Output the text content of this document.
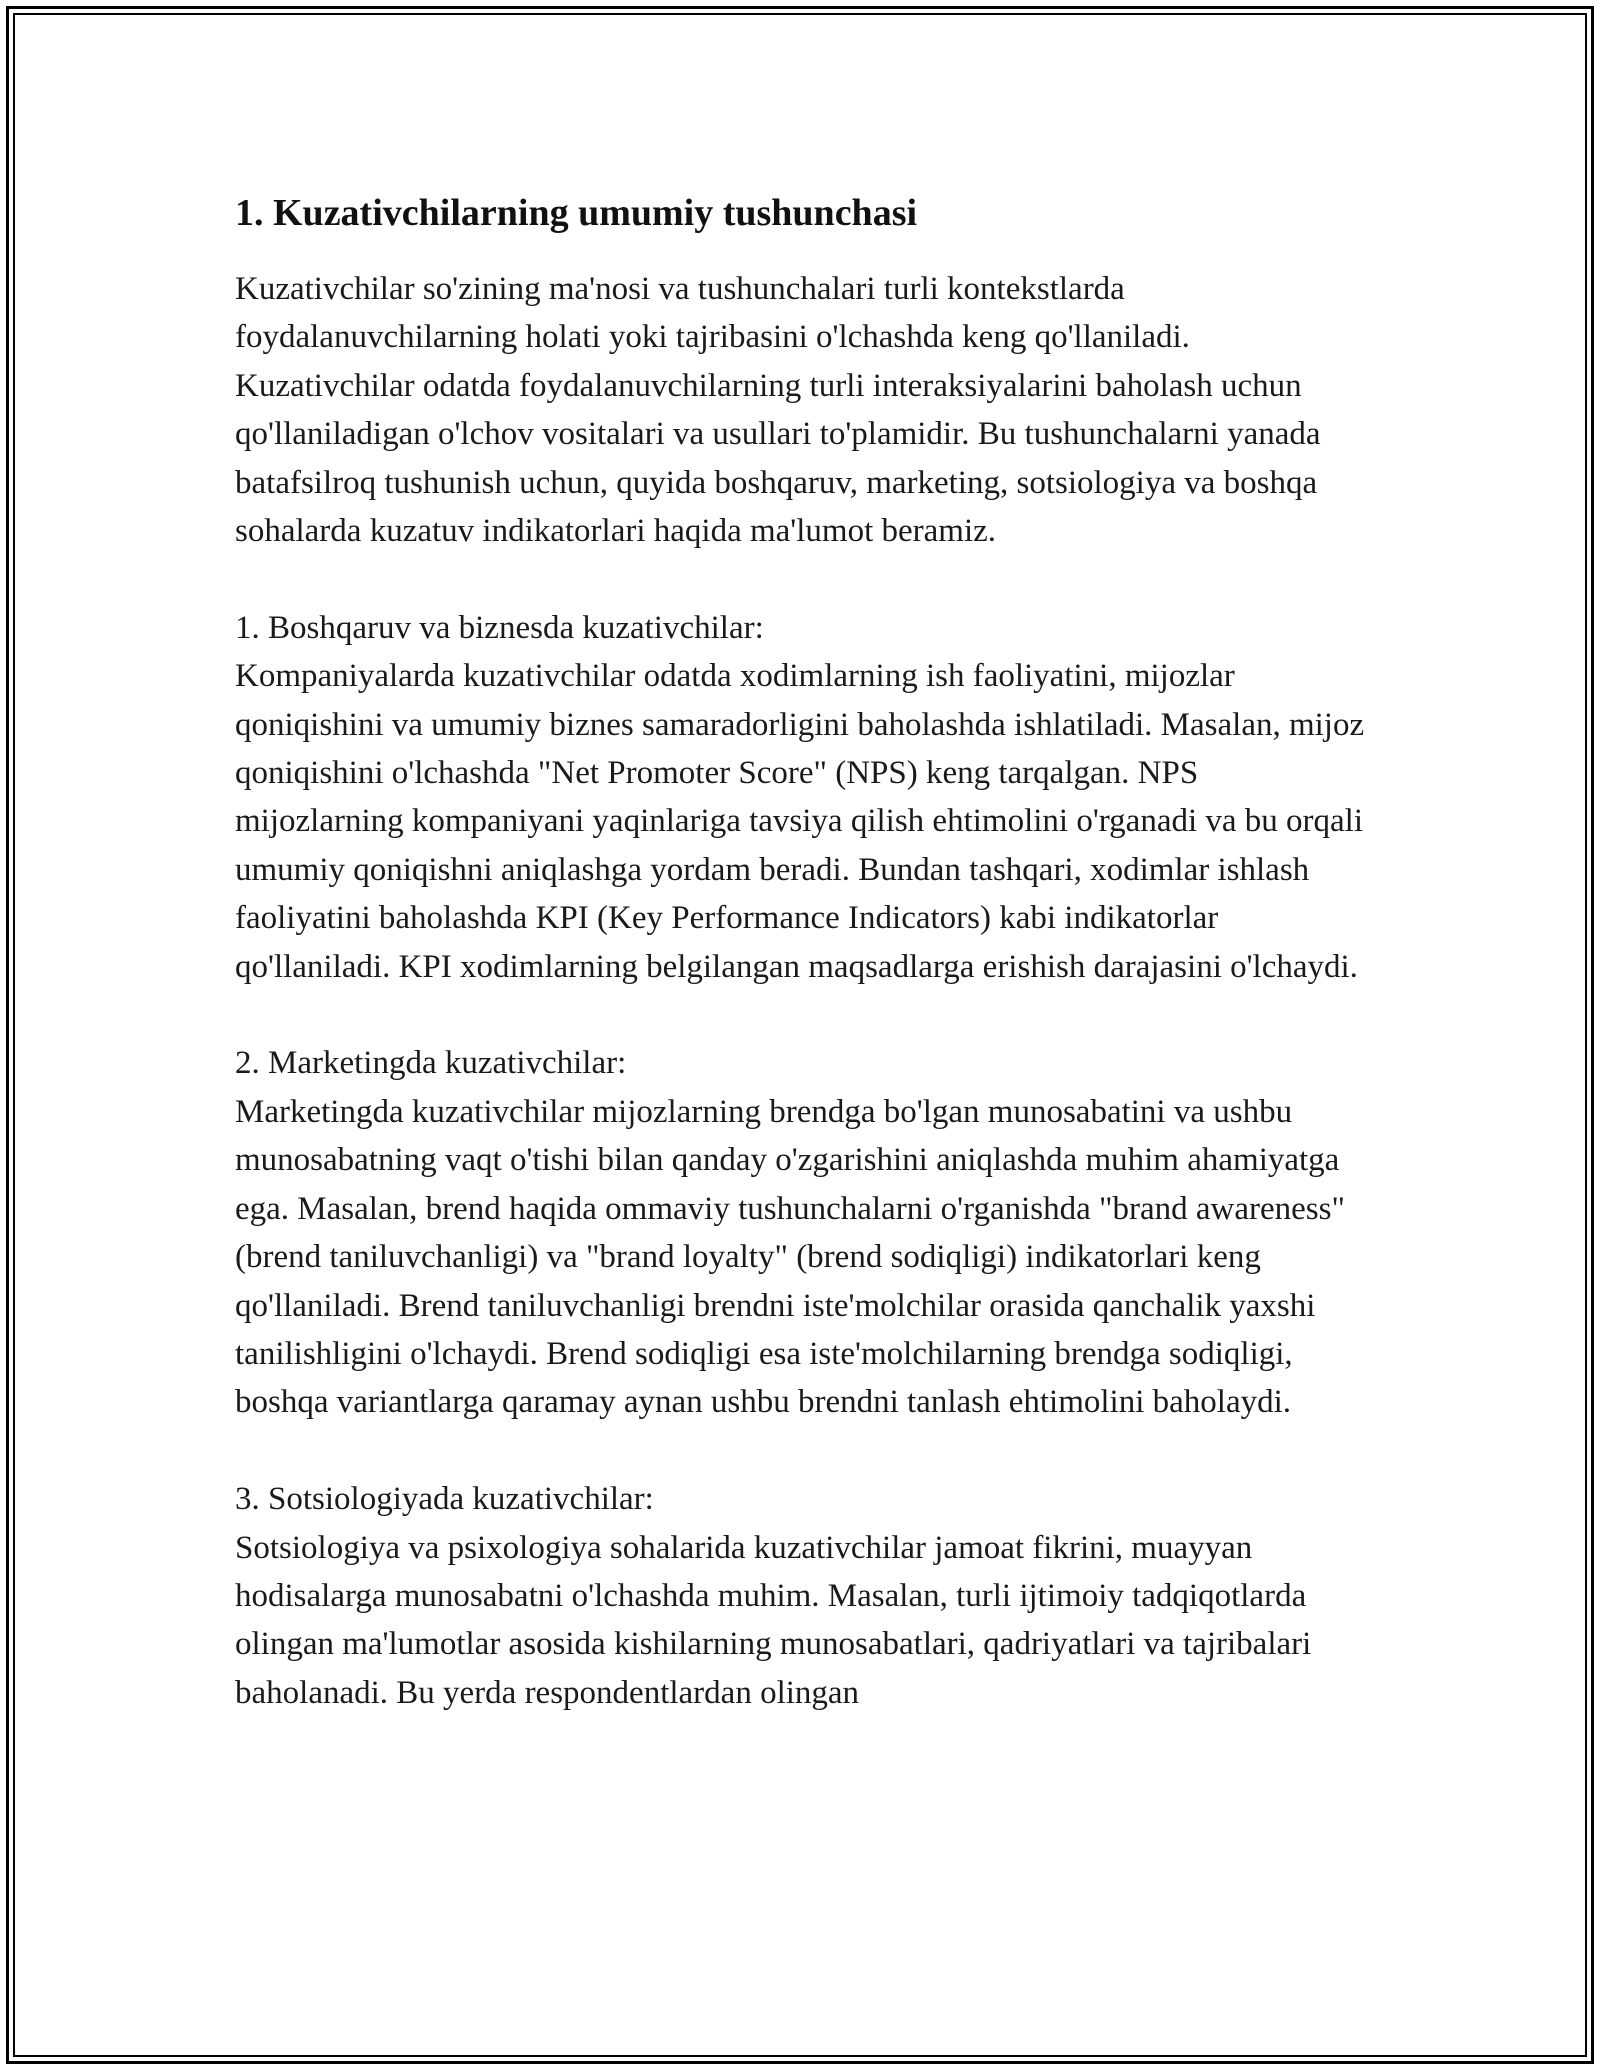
1. Kuzativchilarning umumiy tushunchasi

Kuzativchilar so'zining ma'nosi va tushunchalari turli kontekstlarda foydalanuvchilarning holati yoki tajribasini o'lchashda keng qo'llaniladi. Kuzativchilar odatda foydalanuvchilarning turli interaksiyalarini baholash uchun qo'llaniladigan o'lchov vositalari va usullari to'plamidir. Bu tushunchalarni yanada batafsilroq tushunish uchun, quyida boshqaruv, marketing, sotsiologiya va boshqa sohalarda kuzatuv indikatorlari haqida ma'lumot beramiz.

1. Boshqaruv va biznesda kuzativchilar:

Kompaniyalarda kuzativchilar odatda xodimlarning ish faoliyatini, mijozlar qoniqishini va umumiy biznes samaradorligini baholashda ishlatiladi. Masalan, mijoz qoniqishini o'lchashda "Net Promoter Score" (NPS) keng tarqalgan. NPS mijozlarning kompaniyani yaqinlariga tavsiya qilish ehtimolini o'rganadi va bu orqali umumiy qoniqishni aniqlashga yordam beradi. Bundan tashqari, xodimlar ishlash faoliyatini baholashda KPI (Key Performance Indicators) kabi indikatorlar qo'llaniladi. KPI xodimlarning belgilangan maqsadlarga erishish darajasini o'lchaydi.

2. Marketingda kuzativchilar:

Marketingda kuzativchilar mijozlarning brendga bo'lgan munosabatini va ushbu munosabatning vaqt o'tishi bilan qanday o'zgarishini aniqlashda muhim ahamiyatga ega. Masalan, brend haqida ommaviy tushunchalarni o'rganishda "brand awareness" (brend taniluvchanligi) va "brand loyalty" (brend sodiqligi) indikatorlari keng qo'llaniladi. Brend taniluvchanligi brendni iste'molchilar orasida qanchalik yaxshi tanilishligini o'lchaydi. Brend sodiqligi esa iste'molchilarning brendga sodiqligi, boshqa variantlarga qaramay aynan ushbu brendni tanlash ehtimolini baholaydi.

3. Sotsiologiyada kuzativchilar:

Sotsiologiya va psixologiya sohalarida kuzativchilar jamoat fikrini, muayyan hodisalarga munosabatni o'lchashda muhim. Masalan, turli ijtimoiy tadqiqotlarda olingan ma'lumotlar asosida kishilarning munosabatlari, qadriyatlari va tajribalari baholanadi. Bu yerda respondentlardan olingan
